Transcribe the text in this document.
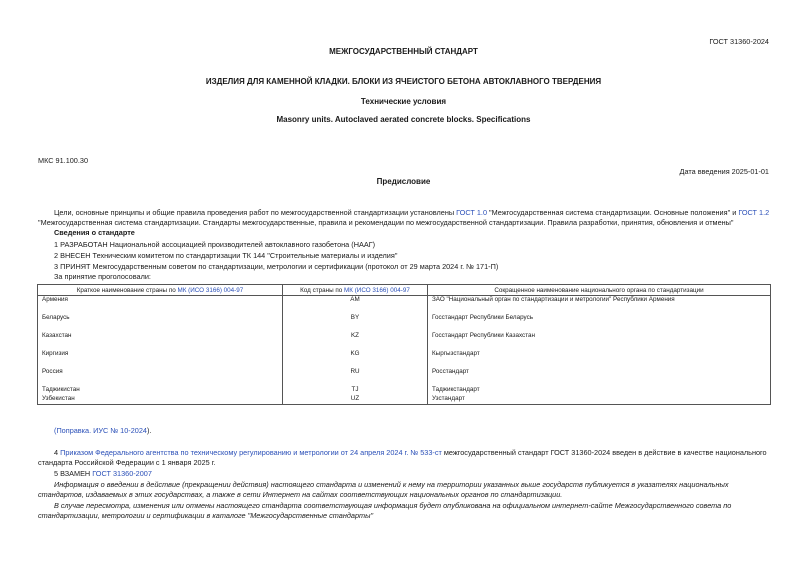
ГОСТ 31360-2024
МЕЖГОСУДАРСТВЕННЫЙ СТАНДАРТ
ИЗДЕЛИЯ ДЛЯ КАМЕННОЙ КЛАДКИ. БЛОКИ ИЗ ЯЧЕИСТОГО БЕТОНА АВТОКЛАВНОГО ТВЕРДЕНИЯ
Технические условия
Masonry units. Autoclaved aerated concrete blocks. Specifications
МКС 91.100.30
Дата введения 2025-01-01
Предисловие
Цели, основные принципы и общие правила проведения работ по межгосударственной стандартизации установлены ГОСТ 1.0 "Межгосударственная система стандартизации. Основные положения" и ГОСТ 1.2
"Межгосударственная система стандартизации. Стандарты межгосударственные, правила и рекомендации по межгосударственной стандартизации. Правила разработки, принятия, обновления и отмены"
Сведения о стандарте
1 РАЗРАБОТАН Национальной ассоциацией производителей автоклавного газобетона (НААГ)
2 ВНЕСЕН Техническим комитетом по стандартизации ТК 144 "Строительные материалы и изделия"
3 ПРИНЯТ Межгосударственным советом по стандартизации, метрологии и сертификации (протокол от 29 марта 2024 г. № 171-П)
За принятие проголосовали:
Краткое наименование страны по МК (ИСО 3166) 004-97	Код страны по МК (ИСО 3166) 004-97	Сокращенное наименование национального органа по стандартизации
Армения	AM	ЗАО "Национальный орган по стандартизации и метрологии" Республики Армения

Беларусь	BY	Госстандарт Республики Беларусь

Казахстан	KZ	Госстандарт Республики Казахстан

Киргизия	KG	Кыргызстандарт

Россия	RU	Росстандарт

Таджикистан	TJ	Таджикстандарт
Узбекистан	UZ	Узстандарт
(Поправка. ИУС № 10-2024).
4 Приказом Федерального агентства по техническому регулированию и метрологии от 24 апреля 2024 г. № 533-ст межгосударственный стандарт ГОСТ 31360-2024 введен в действие в качестве национального
стандарта Российской Федерации с 1 января 2025 г.
5 ВЗАМЕН ГОСТ 31360-2007
Информация о введении в действие (прекращении действия) настоящего стандарта и изменений к нему на территории указанных выше государств публикуется в указателях национальных
стандартов, издаваемых в этих государствах, а также в сети Интернет на сайтах соответствующих национальных органов по стандартизации.
В случае пересмотра, изменения или отмены настоящего стандарта соответствующая информация будет опубликована на официальном интернет-сайте Межгосударственного совета по
стандартизации, метрологии и сертификации в каталоге "Межгосударственные стандарты"
